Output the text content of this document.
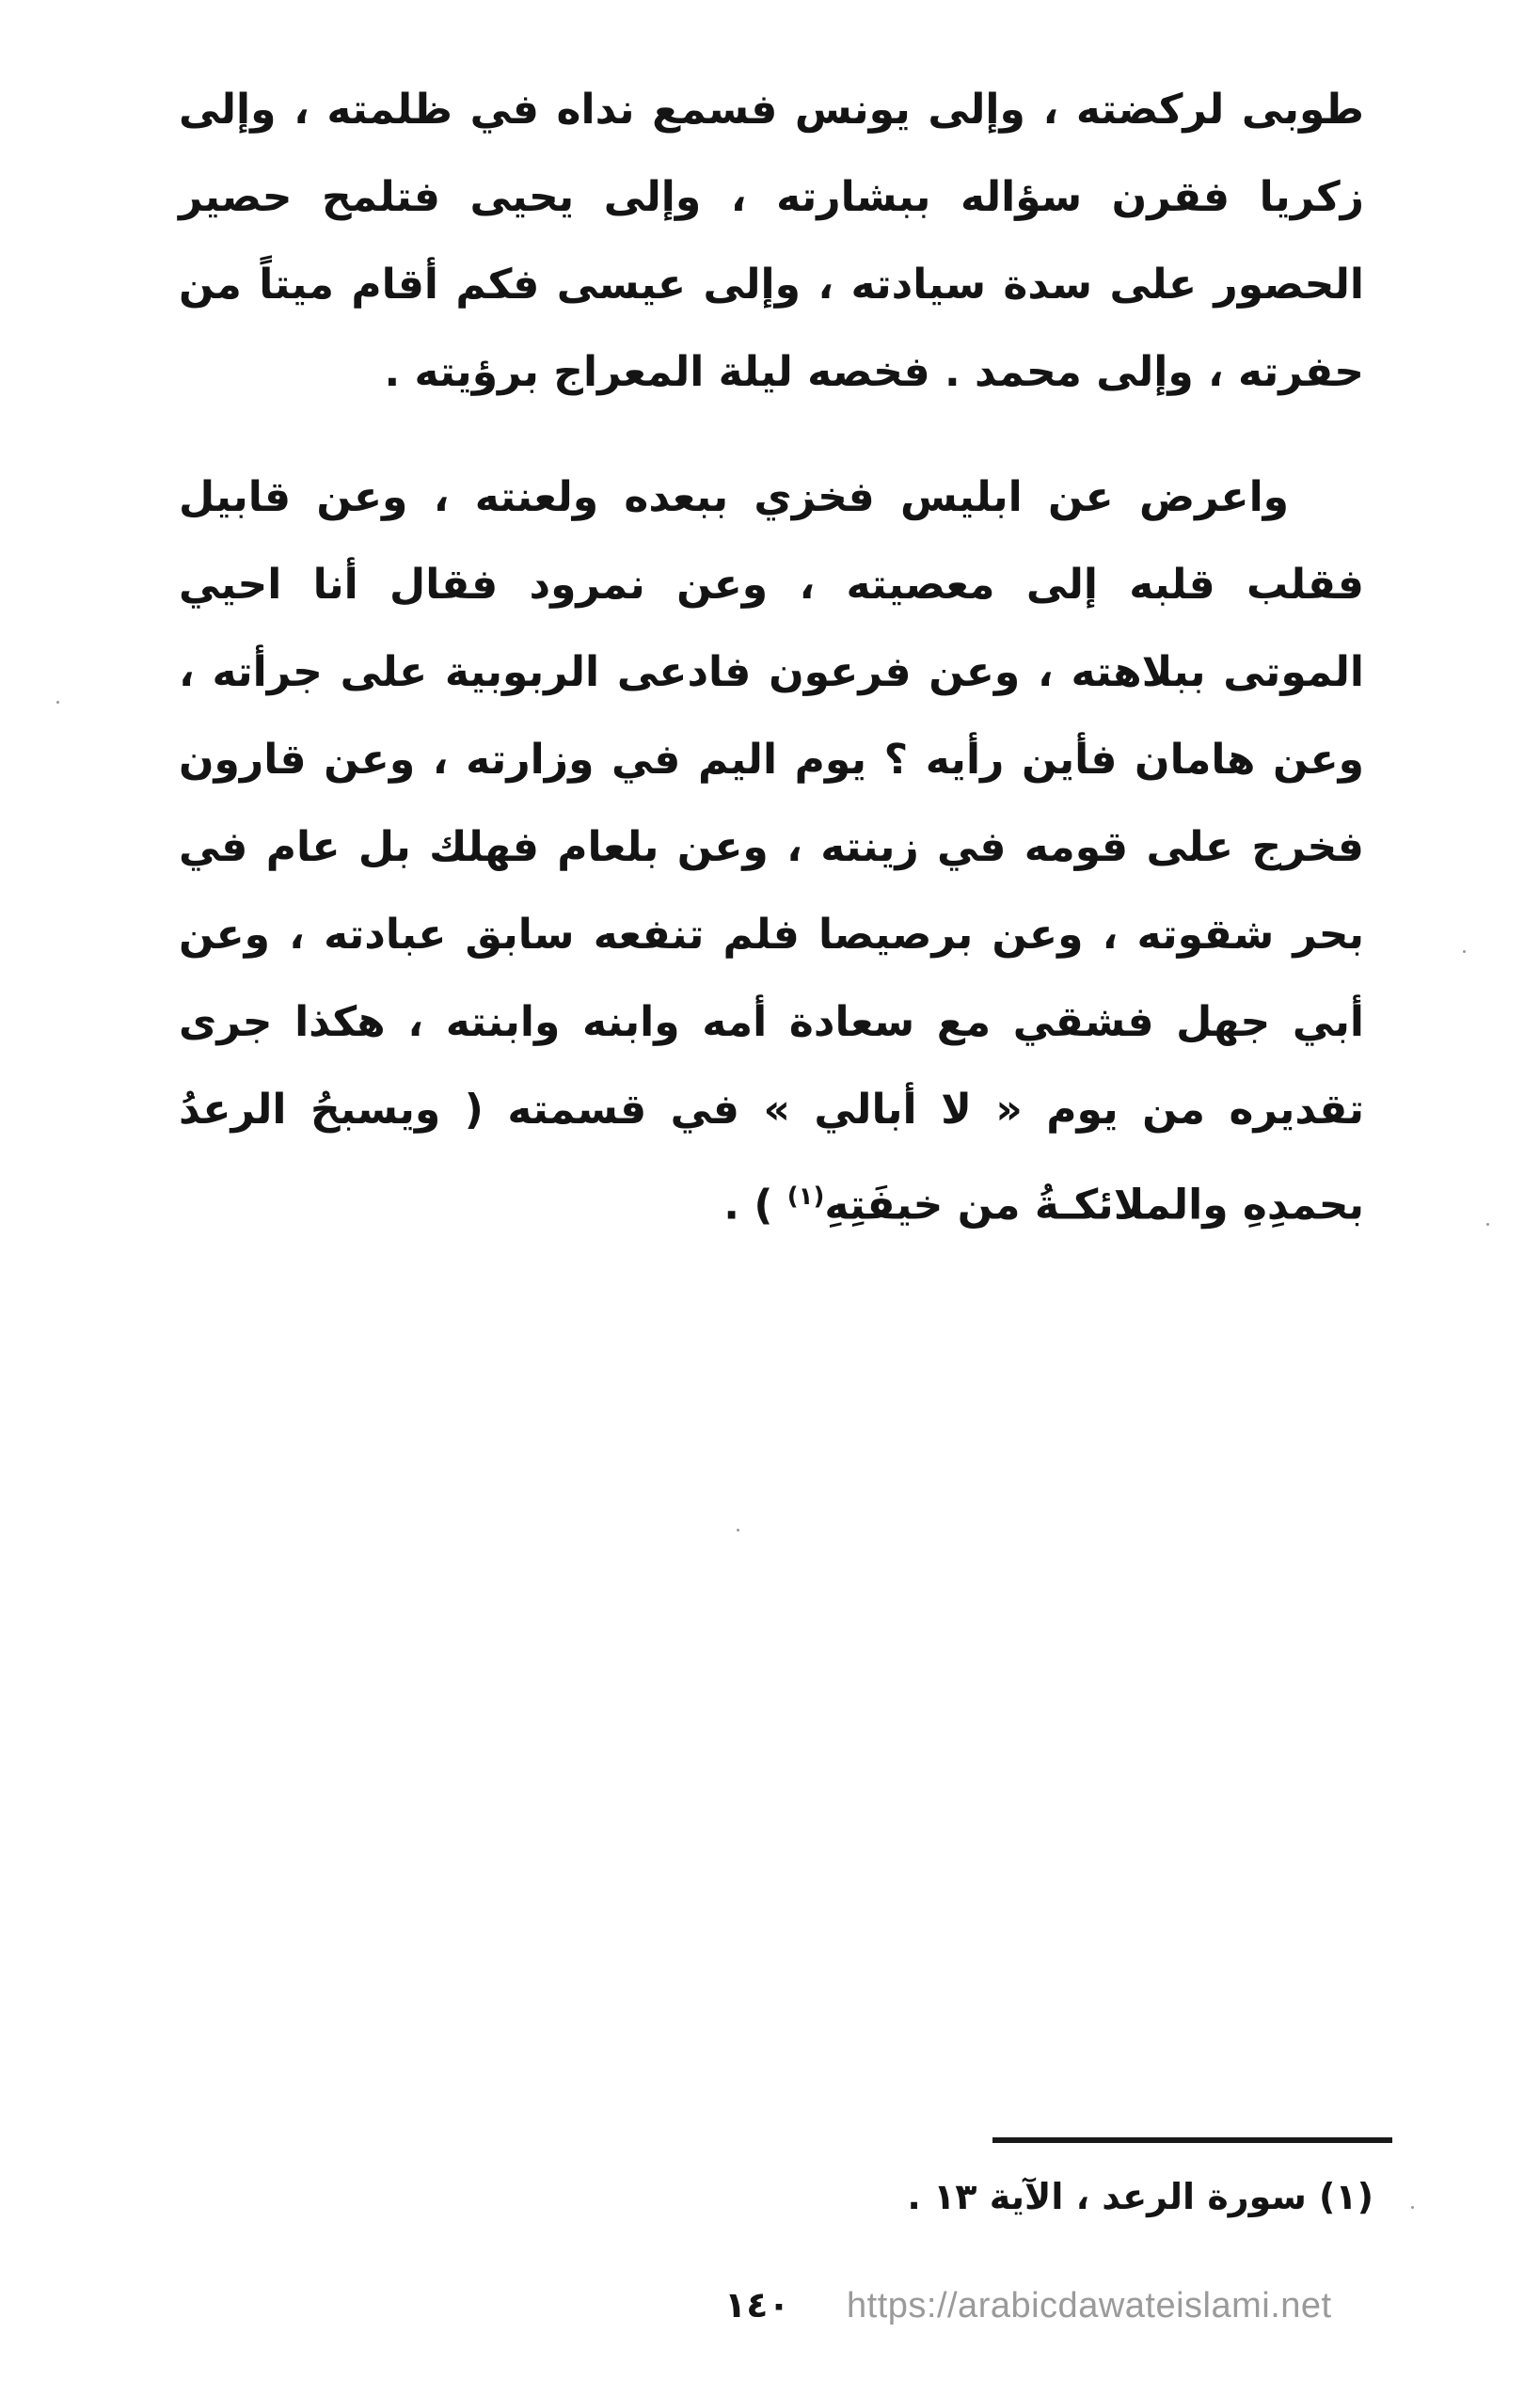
طوبى لركضته ، وإلى يونس فسمع نداه في ظلمته ، وإلى زكريا فقرن سؤاله ببشارته ، وإلى يحيى فتلمح حصير الحصور على سدة سيادته ، وإلى عيسى فكم أقام ميتاً من حفرته ، وإلى محمد . فخصه ليلة المعراج برؤيته .

واعرض عن ابليس فخزي ببعده ولعنته ، وعن قابيل فقلب قلبه إلى معصيته ، وعن نمرود فقال أنا احيي الموتى ببلاهته ، وعن فرعون فادعى الربوبية على جرأته ، وعن هامان فأين رأيه ؟ يوم اليم في وزارته ، وعن قارون فخرج على قومه في زينته ، وعن بلعام فهلك بل عام في بحر شقوته ، وعن برصيصا فلم تنفعه سابق عبادته ، وعن أبي جهل فشقي مع سعادة أمه وابنه وابنته ، هكذا جرى تقديره من يوم « لا أبالي » في قسمته ( ويسبحُ الرعدُ بحمدِهِ والملائكـةُ من خيفَتِهِ$^{(١)}$ ) .

(١) سورة الرعد ، الآية ١٣ .
١٤٠ https://arabicdawateislami.net
